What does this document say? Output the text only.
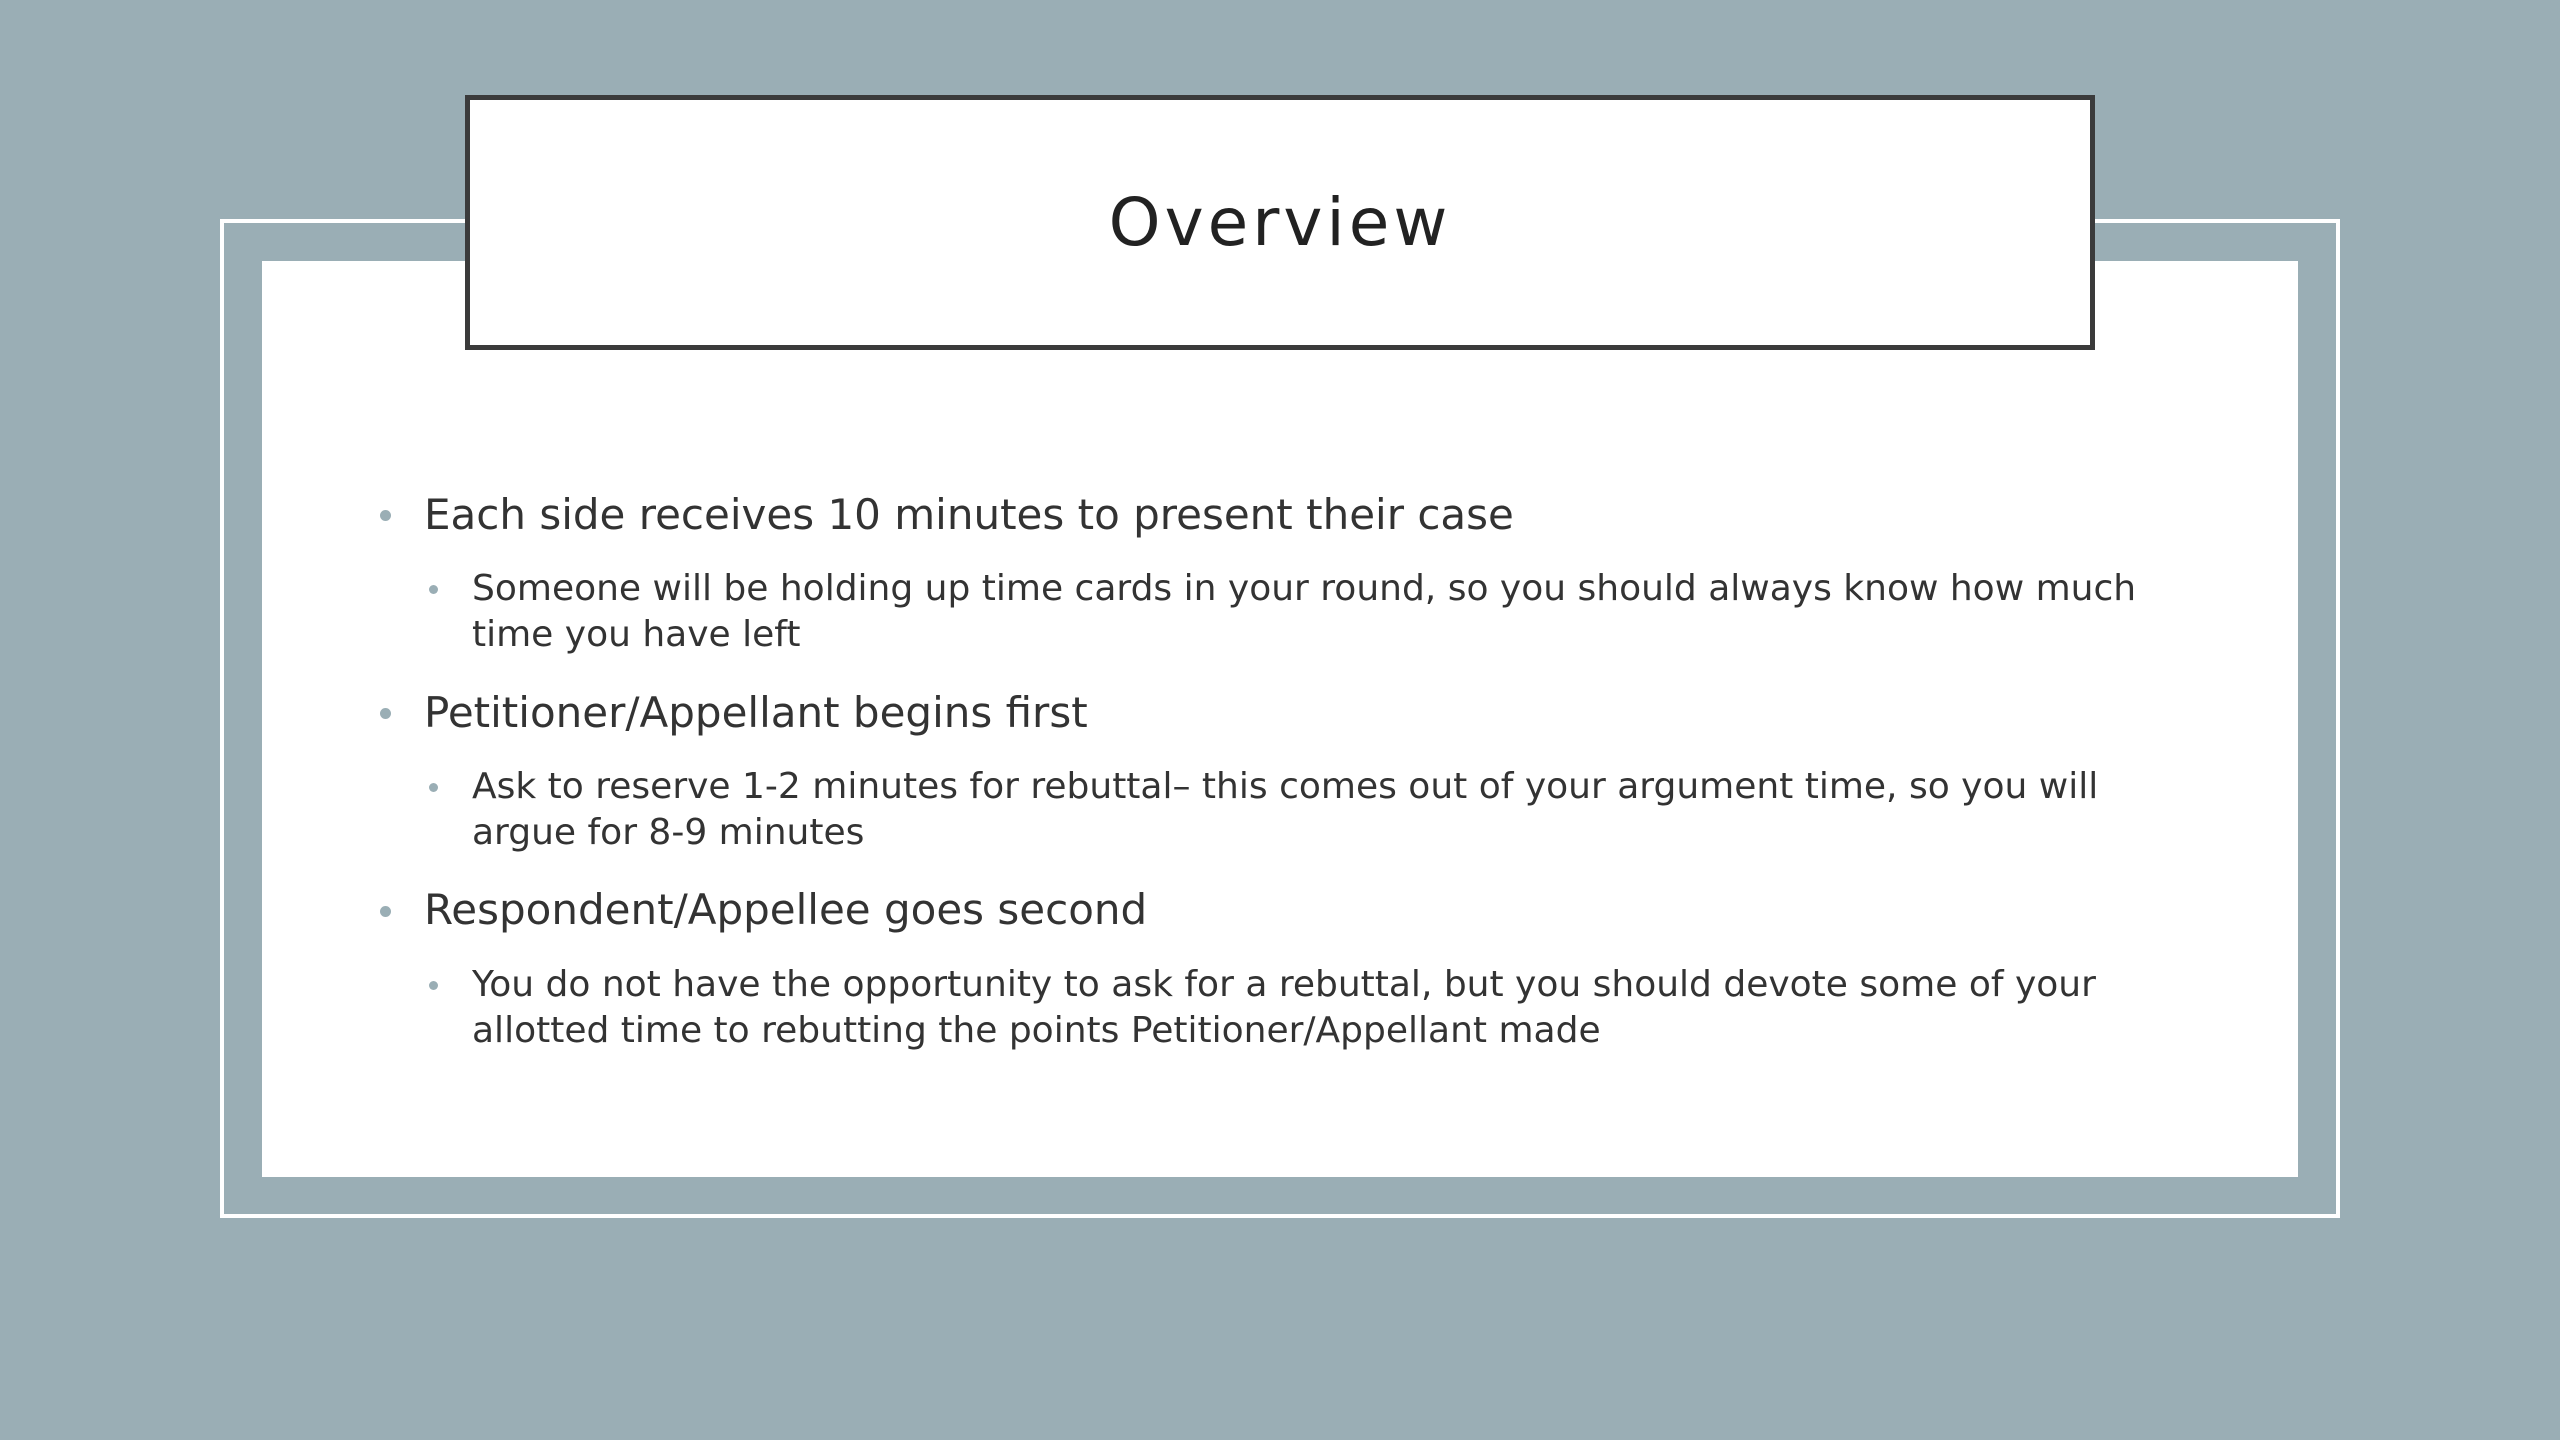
Overview
Each side receives 10 minutes to present their case
Someone will be holding up time cards in your round, so you should always know how much time you have left
Petitioner/Appellant begins first
Ask to reserve 1-2 minutes for rebuttal– this comes out of your argument time, so you will argue for 8-9 minutes
Respondent/Appellee goes second
You do not have the opportunity to ask for a rebuttal, but you should devote some of your allotted time to rebutting the points Petitioner/Appellant made
